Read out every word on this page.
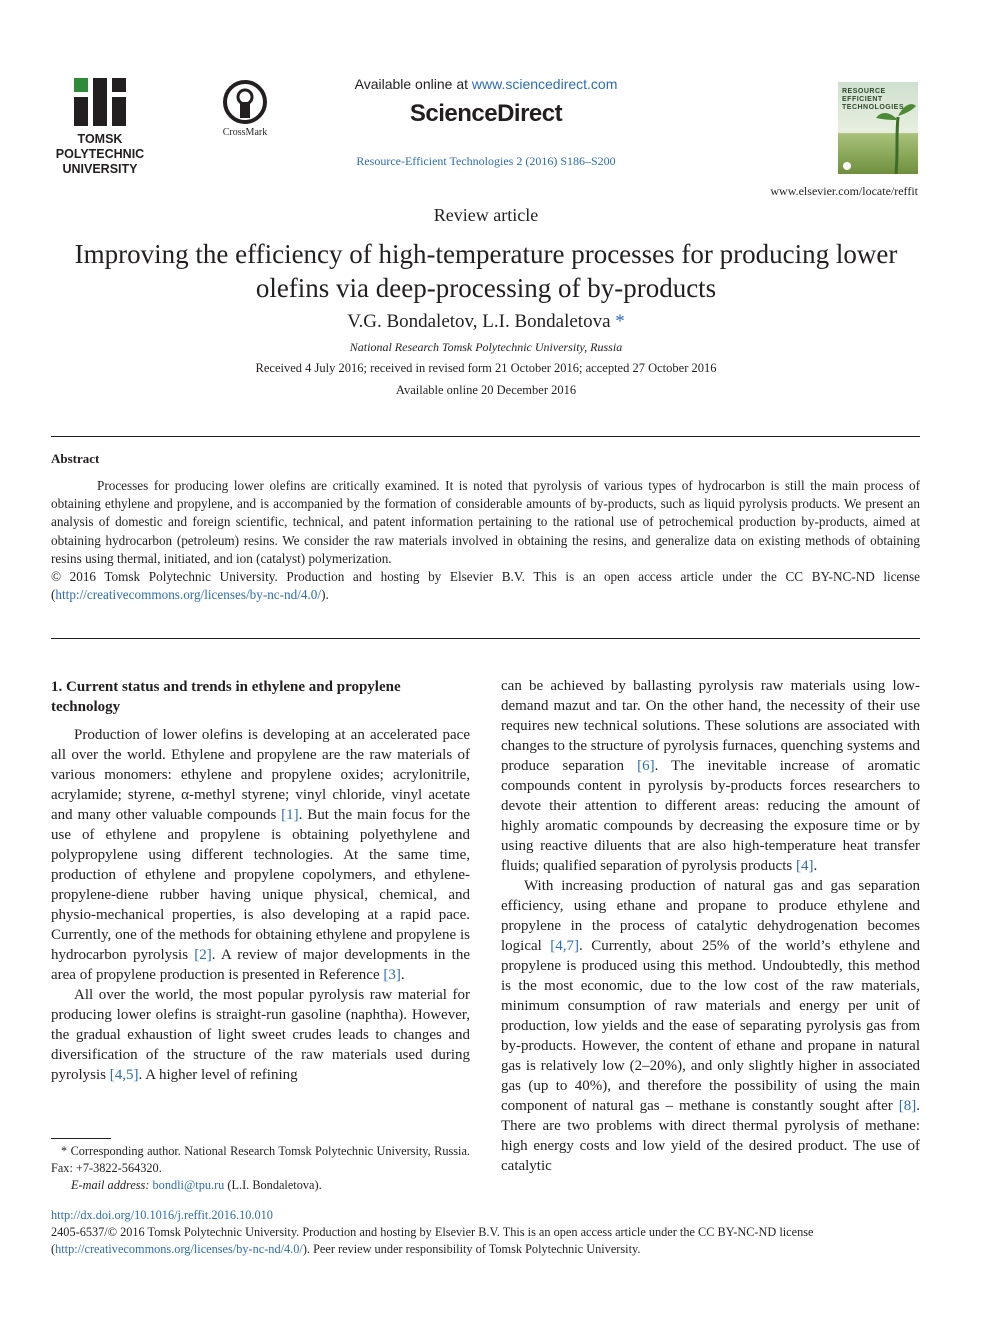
TOMSK
POLYTECHNIC
UNIVERSITY
CrossMark
Available online at www.sciencedirect.com
ScienceDirect
Resource-Efficient Technologies 2 (2016) S186–S200
RESOURCE
EFFICIENT
TECHNOLOGIES
www.elsevier.com/locate/reffit
Review article
Improving the efficiency of high-temperature processes for producing lower olefins via deep-processing of by-products
V.G. Bondaletov, L.I. Bondaletova *
National Research Tomsk Polytechnic University, Russia
Received 4 July 2016; received in revised form 21 October 2016; accepted 27 October 2016
Available online 20 December 2016
Abstract

Processes for producing lower olefins are critically examined. It is noted that pyrolysis of various types of hydrocarbon is still the main process of obtaining ethylene and propylene, and is accompanied by the formation of considerable amounts of by-products, such as liquid pyrolysis products. We present an analysis of domestic and foreign scientific, technical, and patent information pertaining to the rational use of petrochemical production by-products, aimed at obtaining hydrocarbon (petroleum) resins. We consider the raw materials involved in obtaining the resins, and generalize data on existing methods of obtaining resins using thermal, initiated, and ion (catalyst) polymerization.

© 2016 Tomsk Polytechnic University. Production and hosting by Elsevier B.V. This is an open access article under the CC BY-NC-ND license (http://creativecommons.org/licenses/by-nc-nd/4.0/).

1. Current status and trends in ethylene and propylene technology

Production of lower olefins is developing at an accelerated pace all over the world. Ethylene and propylene are the raw materials of various monomers: ethylene and propylene oxides; acrylonitrile, acrylamide; styrene, α-methyl styrene; vinyl chloride, vinyl acetate and many other valuable compounds [1]. But the main focus for the use of ethylene and propylene is obtaining polyethylene and polypropylene using different technologies. At the same time, production of ethylene and propylene copolymers, and ethylene-propylene-diene rubber having unique physical, chemical, and physio-mechanical properties, is also developing at a rapid pace. Currently, one of the methods for obtaining ethylene and propylene is hydrocarbon pyrolysis [2]. A review of major developments in the area of propylene production is presented in Reference [3].

All over the world, the most popular pyrolysis raw material for producing lower olefins is straight-run gasoline (naphtha). However, the gradual exhaustion of light sweet crudes leads to changes and diversification of the structure of the raw materials used during pyrolysis [4,5]. A higher level of refining

can be achieved by ballasting pyrolysis raw materials using low-demand mazut and tar. On the other hand, the necessity of their use requires new technical solutions. These solutions are associated with changes to the structure of pyrolysis furnaces, quenching systems and produce separation [6]. The inevitable increase of aromatic compounds content in pyrolysis by-products forces researchers to devote their attention to different areas: reducing the amount of highly aromatic compounds by decreasing the exposure time or by using reactive diluents that are also high-temperature heat transfer fluids; qualified separation of pyrolysis products [4].

With increasing production of natural gas and gas separation efficiency, using ethane and propane to produce ethylene and propylene in the process of catalytic dehydrogenation becomes logical [4,7]. Currently, about 25% of the world’s ethylene and propylene is produced using this method. Undoubtedly, this method is the most economic, due to the low cost of the raw materials, minimum consumption of raw materials and energy per unit of production, low yields and the ease of separating pyrolysis gas from by-products. However, the content of ethane and propane in natural gas is relatively low (2–20%), and only slightly higher in associated gas (up to 40%), and therefore the possibility of using the main component of natural gas – methane is constantly sought after [8]. There are two problems with direct thermal pyrolysis of methane: high energy costs and low yield of the desired product. The use of catalytic

* Corresponding author. National Research Tomsk Polytechnic University, Russia. Fax: +7-3822-564320.

E-mail address: bondli@tpu.ru (L.I. Bondaletova).

http://dx.doi.org/10.1016/j.reffit.2016.10.010

2405-6537/© 2016 Tomsk Polytechnic University. Production and hosting by Elsevier B.V. This is an open access article under the CC BY-NC-ND license

(http://creativecommons.org/licenses/by-nc-nd/4.0/). Peer review under responsibility of Tomsk Polytechnic University.
